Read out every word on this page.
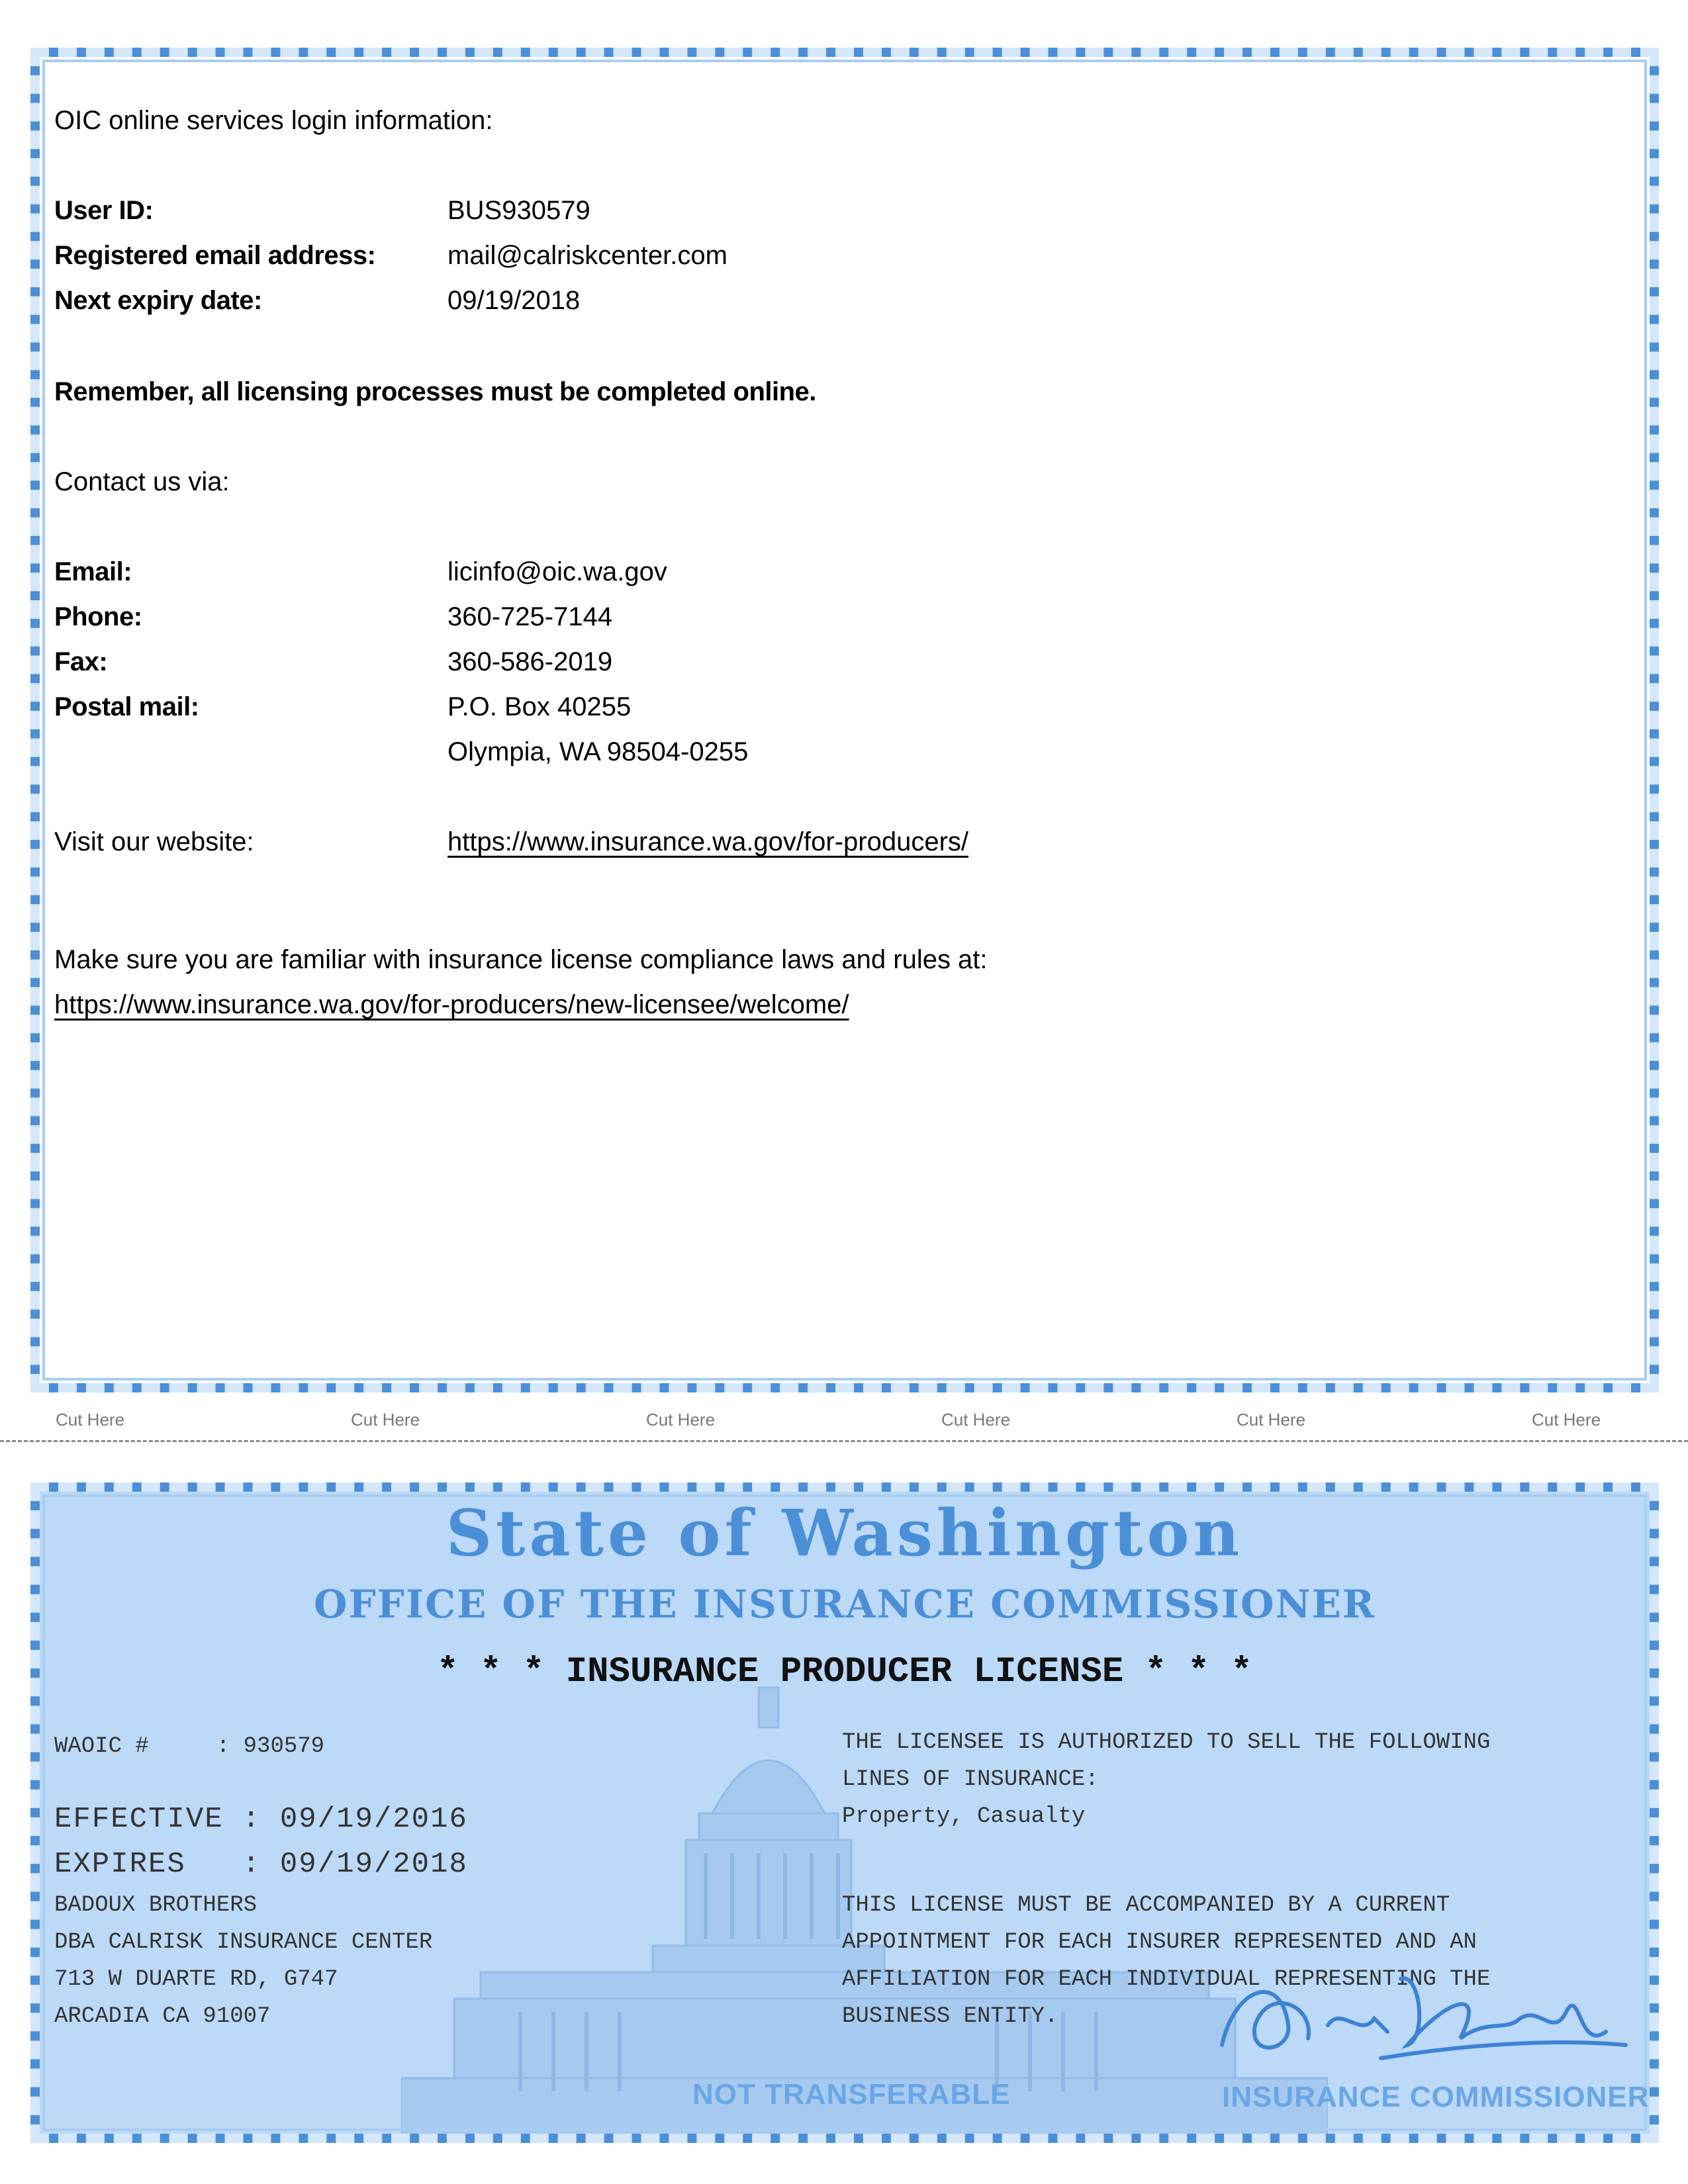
OIC online services login information:
User ID:	BUS930579
Registered email address:	mail@calriskcenter.com
Next expiry date:	09/19/2018
Remember, all licensing processes must be completed online.
Contact us via:
Email:	licinfo@oic.wa.gov
Phone:	360-725-7144
Fax:	360-586-2019
Postal mail:	P.O. Box 40255
Olympia, WA 98504-0255
Visit our website:	https://www.insurance.wa.gov/for-producers/
Make sure you are familiar with insurance license compliance laws and rules at:
https://www.insurance.wa.gov/for-producers/new-licensee/welcome/
Cut Here	Cut Here	Cut Here	Cut Here	Cut Here	Cut Here
State of Washington
OFFICE OF THE INSURANCE COMMISSIONER
* * * INSURANCE PRODUCER LICENSE * * *
WAOIC #     : 930579
EFFECTIVE : 09/19/2016
EXPIRES   : 09/19/2018
BADOUX BROTHERS
DBA CALRISK INSURANCE CENTER
713 W DUARTE RD, G747
ARCADIA CA 91007
THE LICENSEE IS AUTHORIZED TO SELL THE FOLLOWING
LINES OF INSURANCE:
Property, Casualty
THIS LICENSE MUST BE ACCOMPANIED BY A CURRENT
APPOINTMENT FOR EACH INSURER REPRESENTED AND AN
AFFILIATION FOR EACH INDIVIDUAL REPRESENTING THE
BUSINESS ENTITY.
NOT TRANSFERABLE	INSURANCE COMMISSIONER
